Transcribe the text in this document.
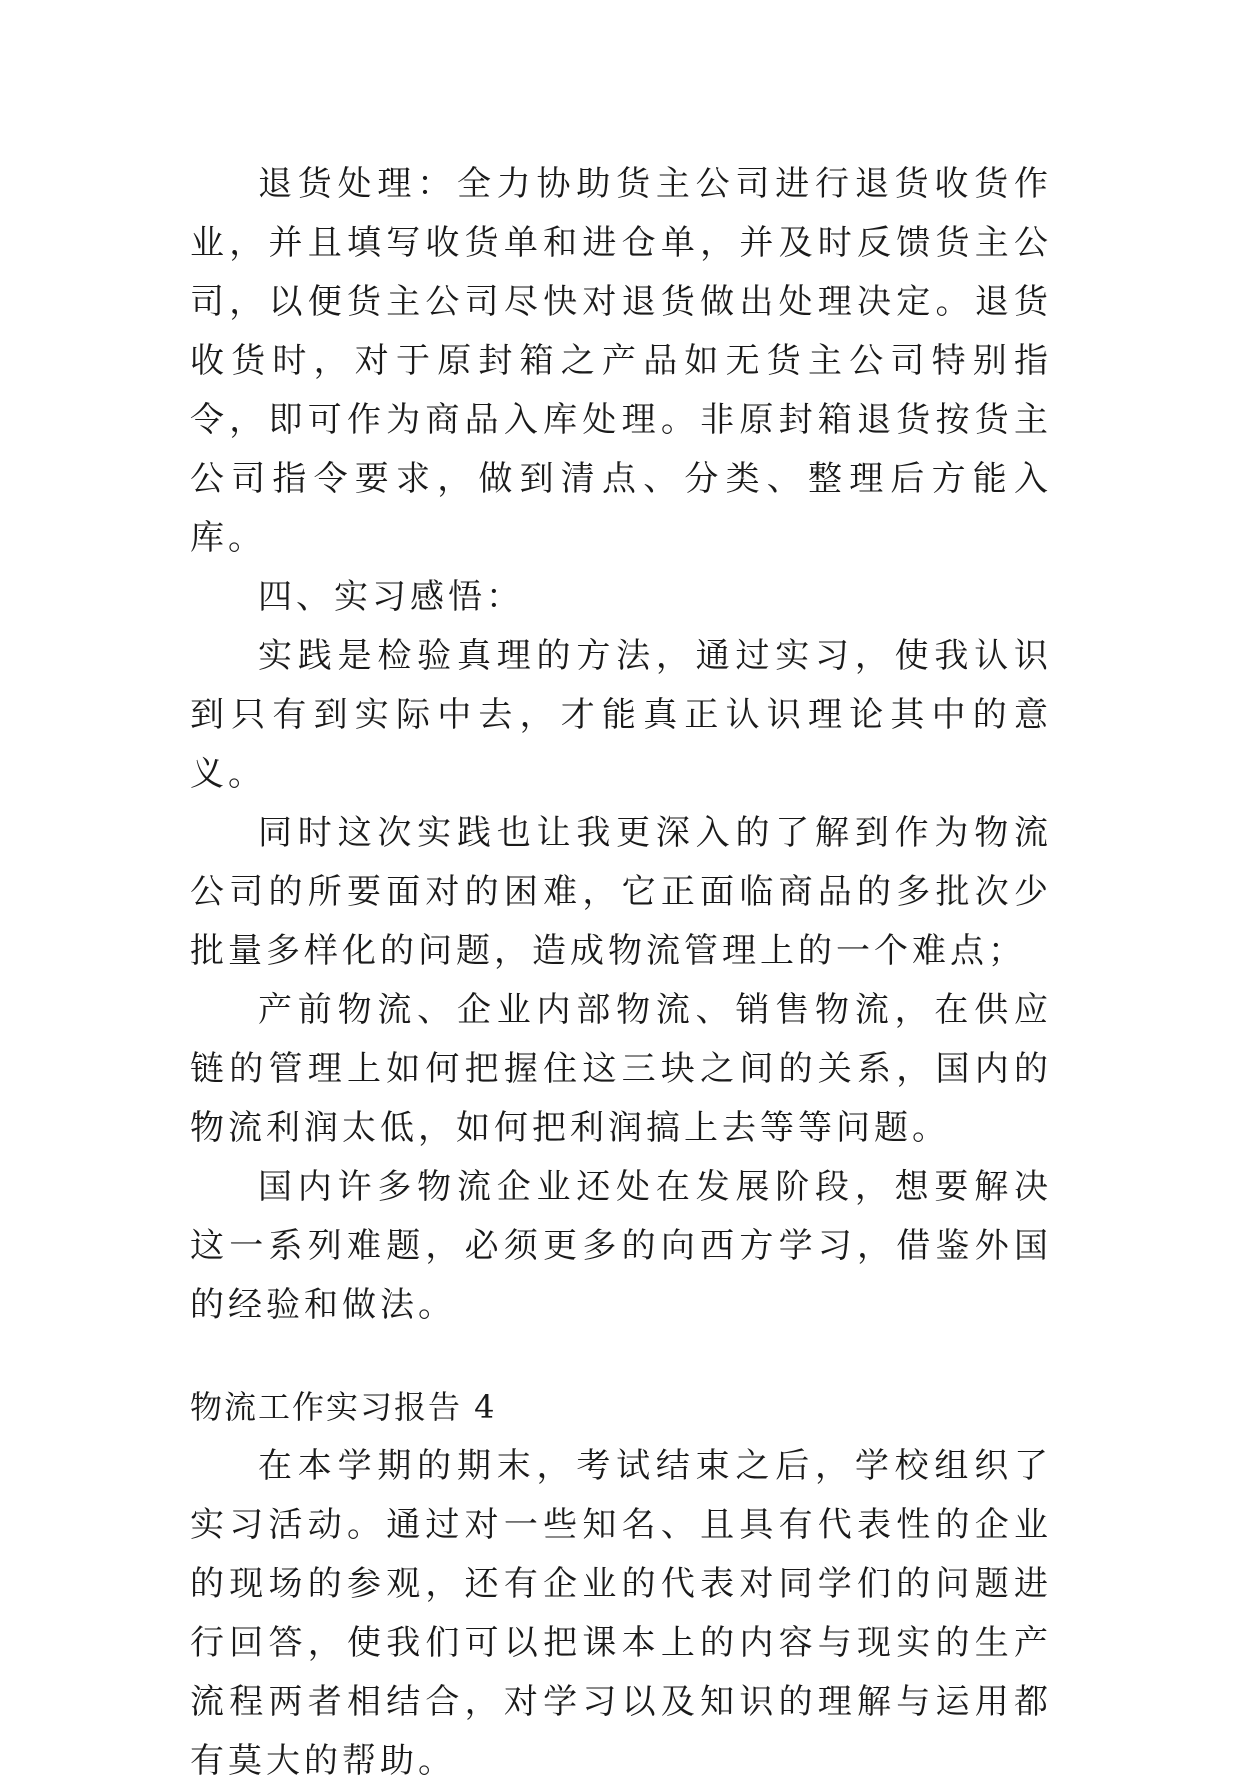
退货处理：全力协助货主公司进行退货收货作业，并且填写收货单和进仓单，并及时反馈货主公司，以便货主公司尽快对退货做出处理决定。退货收货时，对于原封箱之产品如无货主公司特别指令，即可作为商品入库处理。非原封箱退货按货主公司指令要求，做到清点、分类、整理后方能入库。

四、实习感悟：

实践是检验真理的方法，通过实习，使我认识到只有到实际中去，才能真正认识理论其中的意义。

同时这次实践也让我更深入的了解到作为物流公司的所要面对的困难，它正面临商品的多批次少批量多样化的问题，造成物流管理上的一个难点；

产前物流、企业内部物流、销售物流，在供应链的管理上如何把握住这三块之间的关系，国内的物流利润太低，如何把利润搞上去等等问题。

国内许多物流企业还处在发展阶段，想要解决这一系列难题，必须更多的向西方学习，借鉴外国的经验和做法。

物流工作实习报告 4

在本学期的期末，考试结束之后，学校组织了实习活动。通过对一些知名、且具有代表性的企业的现场的参观，还有企业的代表对同学们的问题进行回答，使我们可以把课本上的内容与现实的生产流程两者相结合，对学习以及知识的理解与运用都有莫大的帮助。
